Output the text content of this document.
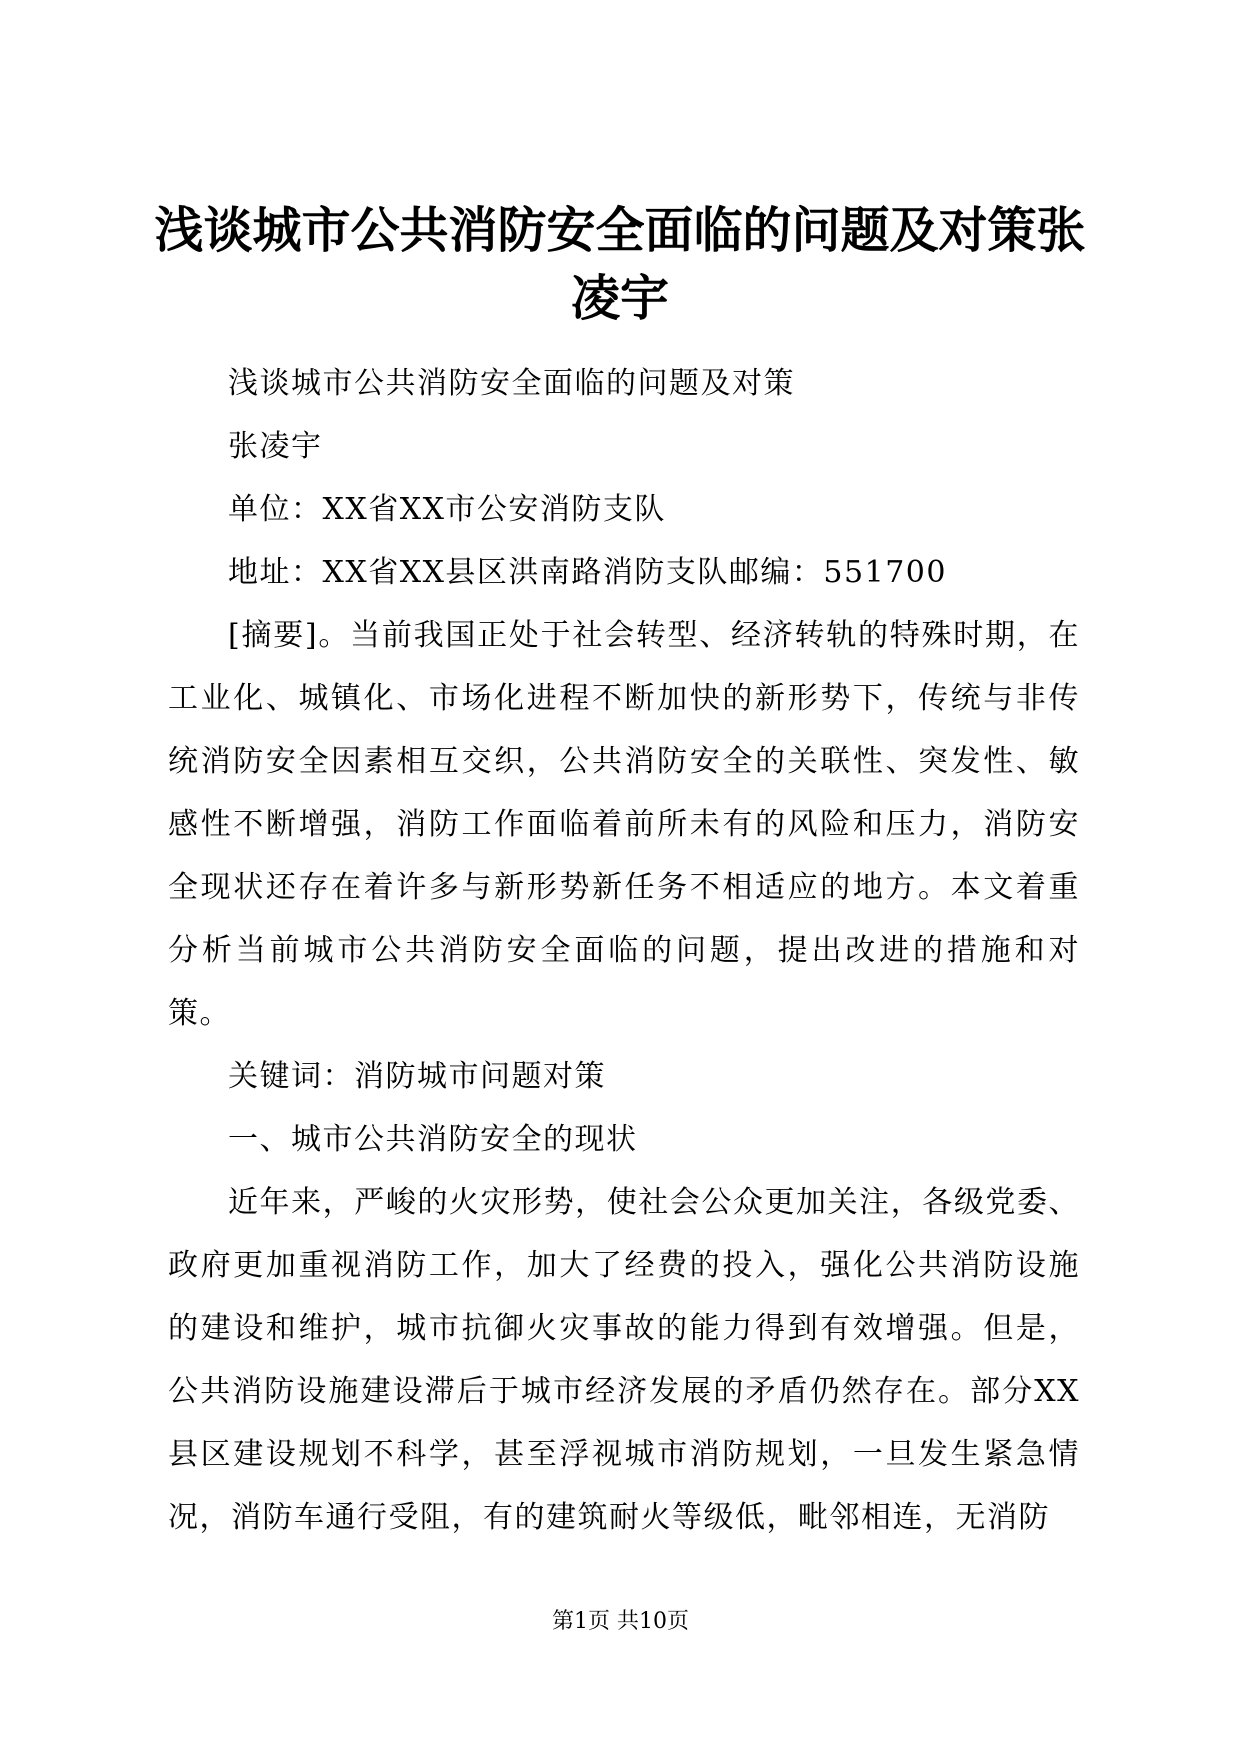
浅谈城市公共消防安全面临的问题及对策张凌宇

浅谈城市公共消防安全面临的问题及对策

张凌宇

单位：XX省XX市公安消防支队

地址：XX省XX县区洪南路消防支队邮编：551700

[摘要]。当前我国正处于社会转型、经济转轨的特殊时期，在工业化、城镇化、市场化进程不断加快的新形势下，传统与非传统消防安全因素相互交织，公共消防安全的关联性、突发性、敏感性不断增强，消防工作面临着前所未有的风险和压力，消防安全现状还存在着许多与新形势新任务不相适应的地方。本文着重分析当前城市公共消防安全面临的问题，提出改进的措施和对策。

关键词：消防城市问题对策

一、城市公共消防安全的现状

近年来，严峻的火灾形势，使社会公众更加关注，各级党委、政府更加重视消防工作，加大了经费的投入，强化公共消防设施的建设和维护，城市抗御火灾事故的能力得到有效增强。但是，公共消防设施建设滞后于城市经济发展的矛盾仍然存在。部分XX县区建设规划不科学，甚至浮视城市消防规划，一旦发生紧急情况，消防车通行受阻，有的建筑耐火等级低，毗邻相连，无消防

第1页 共10页
